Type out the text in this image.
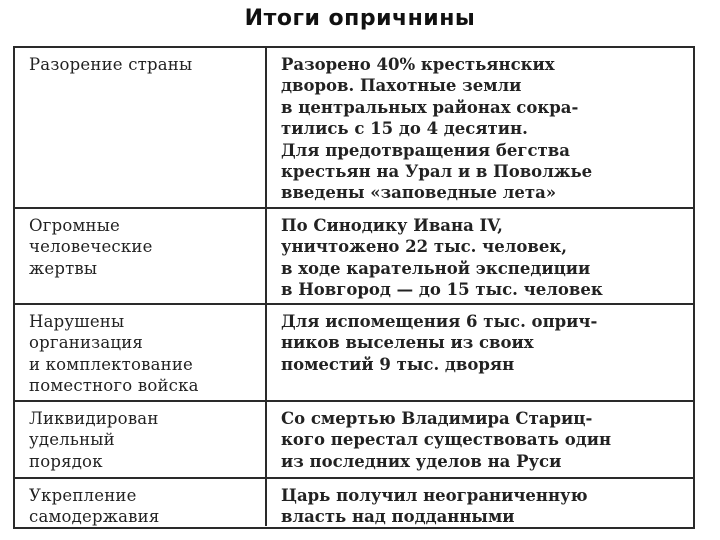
Итоги опричнины
Разорение страны	Разорено 40% крестьянских
дворов. Пахотные земли
в центральных районах сокра-
тились с 15 до 4 десятин.
Для предотвращения бегства
крестьян на Урал и в Поволжье
введены «заповедные лета»
Огромные
человеческие
жертвы
По Синодику Ивана IV,
уничтожено 22 тыс. человек,
в ходе карательной экспедиции
в Новгород — до 15 тыс. человек
Нарушены
организация
и комплектование
поместного войска
Для испомещения 6 тыс. оприч-
ников выселены из своих
поместий 9 тыс. дворян
Ликвидирован
удельный
порядок
Со смертью Владимира Стариц-
кого перестал существовать один
из последних уделов на Руси
Укрепление
самодержавия
Царь получил неограниченную
власть над подданными
